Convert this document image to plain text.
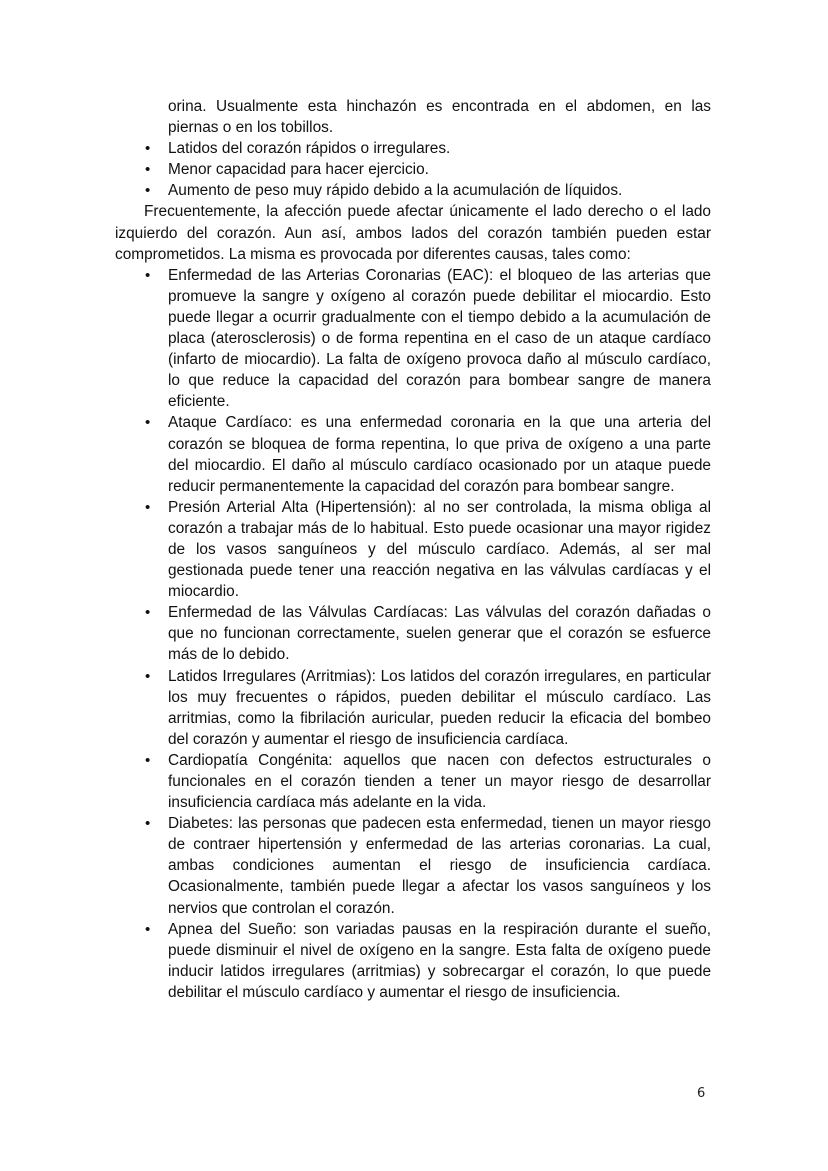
orina. Usualmente esta hinchazón es encontrada en el abdomen, en las piernas o en los tobillos.

• Latidos del corazón rápidos o irregulares.
• Menor capacidad para hacer ejercicio.
• Aumento de peso muy rápido debido a la acumulación de líquidos.

Frecuentemente, la afección puede afectar únicamente el lado derecho o el lado izquierdo del corazón. Aun así, ambos lados del corazón también pueden estar comprometidos. La misma es provocada por diferentes causas, tales como:

• Enfermedad de las Arterias Coronarias (EAC): el bloqueo de las arterias que promueve la sangre y oxígeno al corazón puede debilitar el miocardio. Esto puede llegar a ocurrir gradualmente con el tiempo debido a la acumulación de placa (aterosclerosis) o de forma repentina en el caso de un ataque cardíaco (infarto de miocardio). La falta de oxígeno provoca daño al músculo cardíaco, lo que reduce la capacidad del corazón para bombear sangre de manera eficiente.
• Ataque Cardíaco: es una enfermedad coronaria en la que una arteria del corazón se bloquea de forma repentina, lo que priva de oxígeno a una parte del miocardio. El daño al músculo cardíaco ocasionado por un ataque puede reducir permanentemente la capacidad del corazón para bombear sangre.
• Presión Arterial Alta (Hipertensión): al no ser controlada, la misma obliga al corazón a trabajar más de lo habitual. Esto puede ocasionar una mayor rigidez de los vasos sanguíneos y del músculo cardíaco. Además, al ser mal gestionada puede tener una reacción negativa en las válvulas cardíacas y el miocardio.
• Enfermedad de las Válvulas Cardíacas: Las válvulas del corazón dañadas o que no funcionan correctamente, suelen generar que el corazón se esfuerce más de lo debido.
• Latidos Irregulares (Arritmias): Los latidos del corazón irregulares, en particular los muy frecuentes o rápidos, pueden debilitar el músculo cardíaco. Las arritmias, como la fibrilación auricular, pueden reducir la eficacia del bombeo del corazón y aumentar el riesgo de insuficiencia cardíaca.
• Cardiopatía Congénita: aquellos que nacen con defectos estructurales o funcionales en el corazón tienden a tener un mayor riesgo de desarrollar insuficiencia cardíaca más adelante en la vida.
• Diabetes: las personas que padecen esta enfermedad, tienen un mayor riesgo de contraer hipertensión y enfermedad de las arterias coronarias. La cual, ambas condiciones aumentan el riesgo de insuficiencia cardíaca. Ocasionalmente, también puede llegar a afectar los vasos sanguíneos y los nervios que controlan el corazón.
• Apnea del Sueño: son variadas pausas en la respiración durante el sueño, puede disminuir el nivel de oxígeno en la sangre. Esta falta de oxígeno puede inducir latidos irregulares (arritmias) y sobrecargar el corazón, lo que puede debilitar el músculo cardíaco y aumentar el riesgo de insuficiencia.
6
